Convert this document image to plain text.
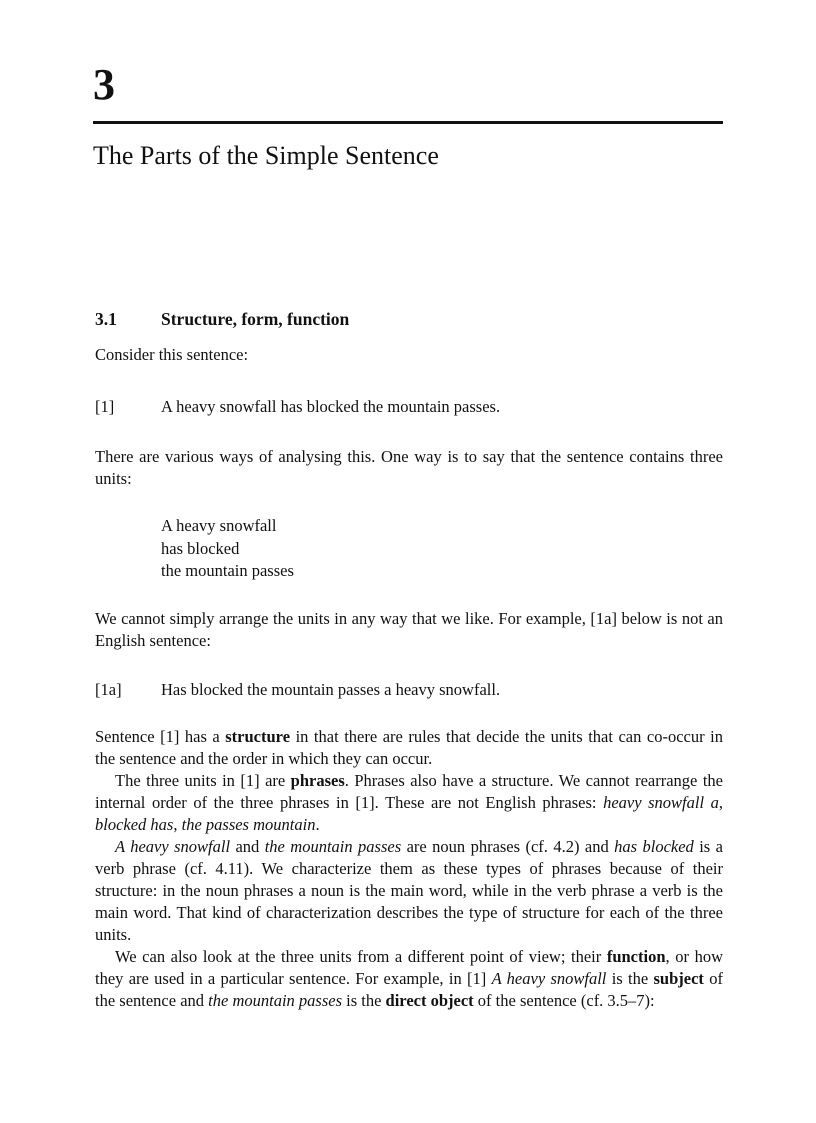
3
The Parts of the Simple Sentence
3.1	Structure, form, function

Consider this sentence:

[1]	A heavy snowfall has blocked the mountain passes.

There are various ways of analysing this. One way is to say that the sentence contains three units:

A heavy snowfall
has blocked
the mountain passes

We cannot simply arrange the units in any way that we like. For example, [1a] below is not an English sentence:

[1a] Has blocked the mountain passes a heavy snowfall.

Sentence [1] has a structure in that there are rules that decide the units that can co-occur in the sentence and the order in which they can occur.

The three units in [1] are phrases. Phrases also have a structure. We cannot rearrange the internal order of the three phrases in [1]. These are not English phrases: heavy snowfall a, blocked has, the passes mountain.

A heavy snowfall and the mountain passes are noun phrases (cf. 4.2) and has blocked is a verb phrase (cf. 4.11). We characterize them as these types of phrases because of their structure: in the noun phrases a noun is the main word, while in the verb phrase a verb is the main word. That kind of characterization describes the type of structure for each of the three units.

We can also look at the three units from a different point of view; their function, or how they are used in a particular sentence. For example, in [1] A heavy snowfall is the subject of the sentence and the mountain passes is the direct object of the sentence (cf. 3.5–7):
